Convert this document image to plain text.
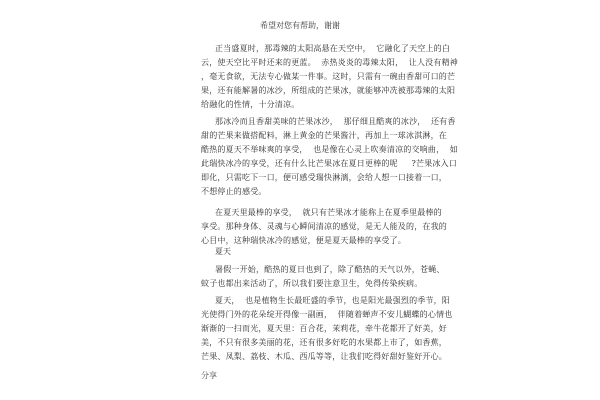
希望对您有帮助，谢谢
正当盛夏时，那毒辣的太阳高悬在天空中，  它融化了天空上的白
云，使天空比平时还来的更蓝。  赤热炎炎的毒辣太阳，  让人没有精神
，毫无食欲，无法专心做某一件事。这时，只需有一碗由香甜可口的芒
果，还有能解暑的冰沙，所组成的芒果冰，就能够冲冼被那毒辣的太阳
给融化的性情，十分清凉。
那冰冷而且香甜美味的芒果冰沙，  那仔细且酷爽的冰沙，  还有香
甜的芒果来做搭配料，淋上黄金的芒果酱汁，再加上一球冰淇淋，在
酷热的夏天不举味爽的享受，  也是像在心灵上吹奏清凉的交响曲，  如
此瑞快冰冷的享受，还有什么比芒果冰在夏日更棒的呢     ?芒果冰入口
即化，只需吃下一口，便可感受瑞快淋漓，会给人想一口接着一口，
不想停止的感受。
在夏天里最棒的享受，  就只有芒果冰才能称上在夏季里最棒的
享受。那种身体、灵魂与心瞬间清凉的感觉，是无人能及的，在我的
心目中，这种瑞快冰冷的感觉，便是夏天最棒的享受了。
夏天
暑假一开始，酷热的夏日也到了，除了酷热的天气以外，苍蝇、
蚊子也都出来活动了，所以我们要注意卫生，免得传染疾病。
夏天，  也是植物生长最旺盛的季节，也是阳光最强烈的季节，阳
光使得门外的花朵绽开得像一副画，  伴随着蝉声不安儿蝴蝶的心情也
渐渐的一扫而光，夏天里：百合花，茉莉花，牵牛花都开了好美，好
美，不只有很多美丽的花，还有很多好吃的水果都上市了，如香蕉，
芒果、凤梨、荔枝、木瓜、西瓜等等，让我们吃得好甜好鉴好开心。
分享
